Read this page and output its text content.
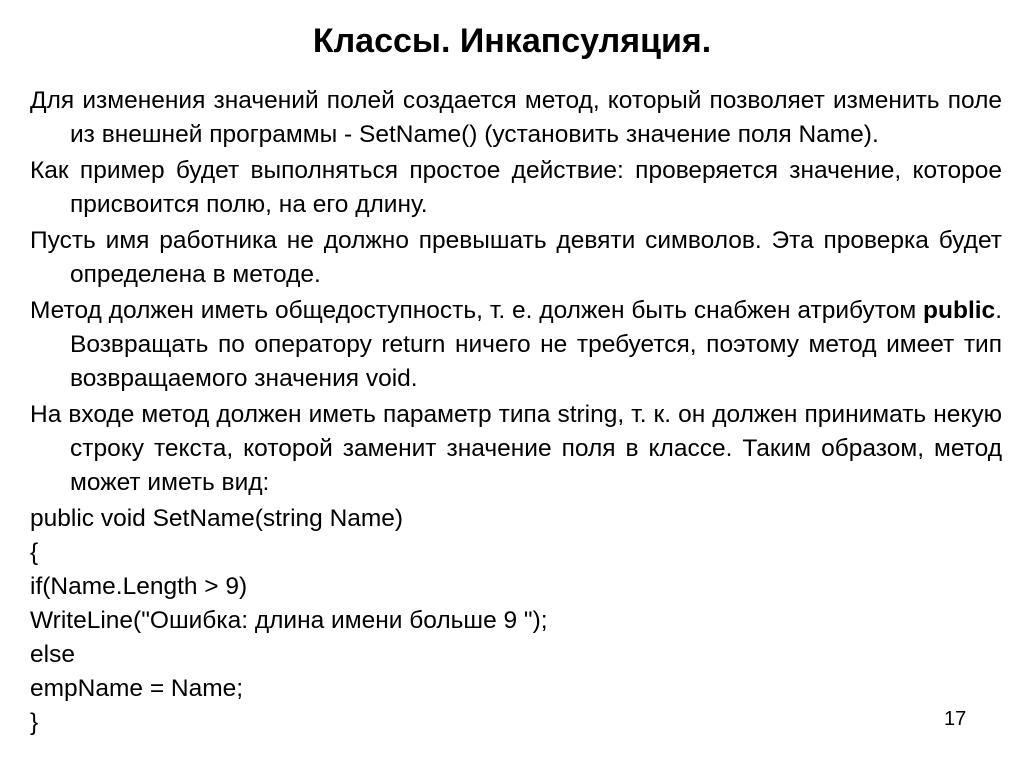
Классы. Инкапсуляция.
Для изменения значений полей создается метод, который позволяет изменить поле из внешней программы - SetName() (установить значение поля Name).
Как пример будет выполняться простое действие: проверяется значение, которое присвоится полю, на его длину.
Пусть имя работника не должно превышать девяти символов. Эта проверка будет определена в методе.
Метод должен иметь общедоступность, т. е. должен быть снабжен атрибутом public. Возвращать по оператору return ничего не требуется, поэтому метод имеет тип возвращаемого значения void.
На входе метод должен иметь параметр типа string, т. к. он должен принимать некую строку текста, которой заменит значение поля в классе. Таким образом, метод может иметь вид:
public void SetName(string Name)
{
if(Name.Length > 9)
WriteLine("Ошибка: длина имени больше 9 ");
else
empName = Name;
}	17
